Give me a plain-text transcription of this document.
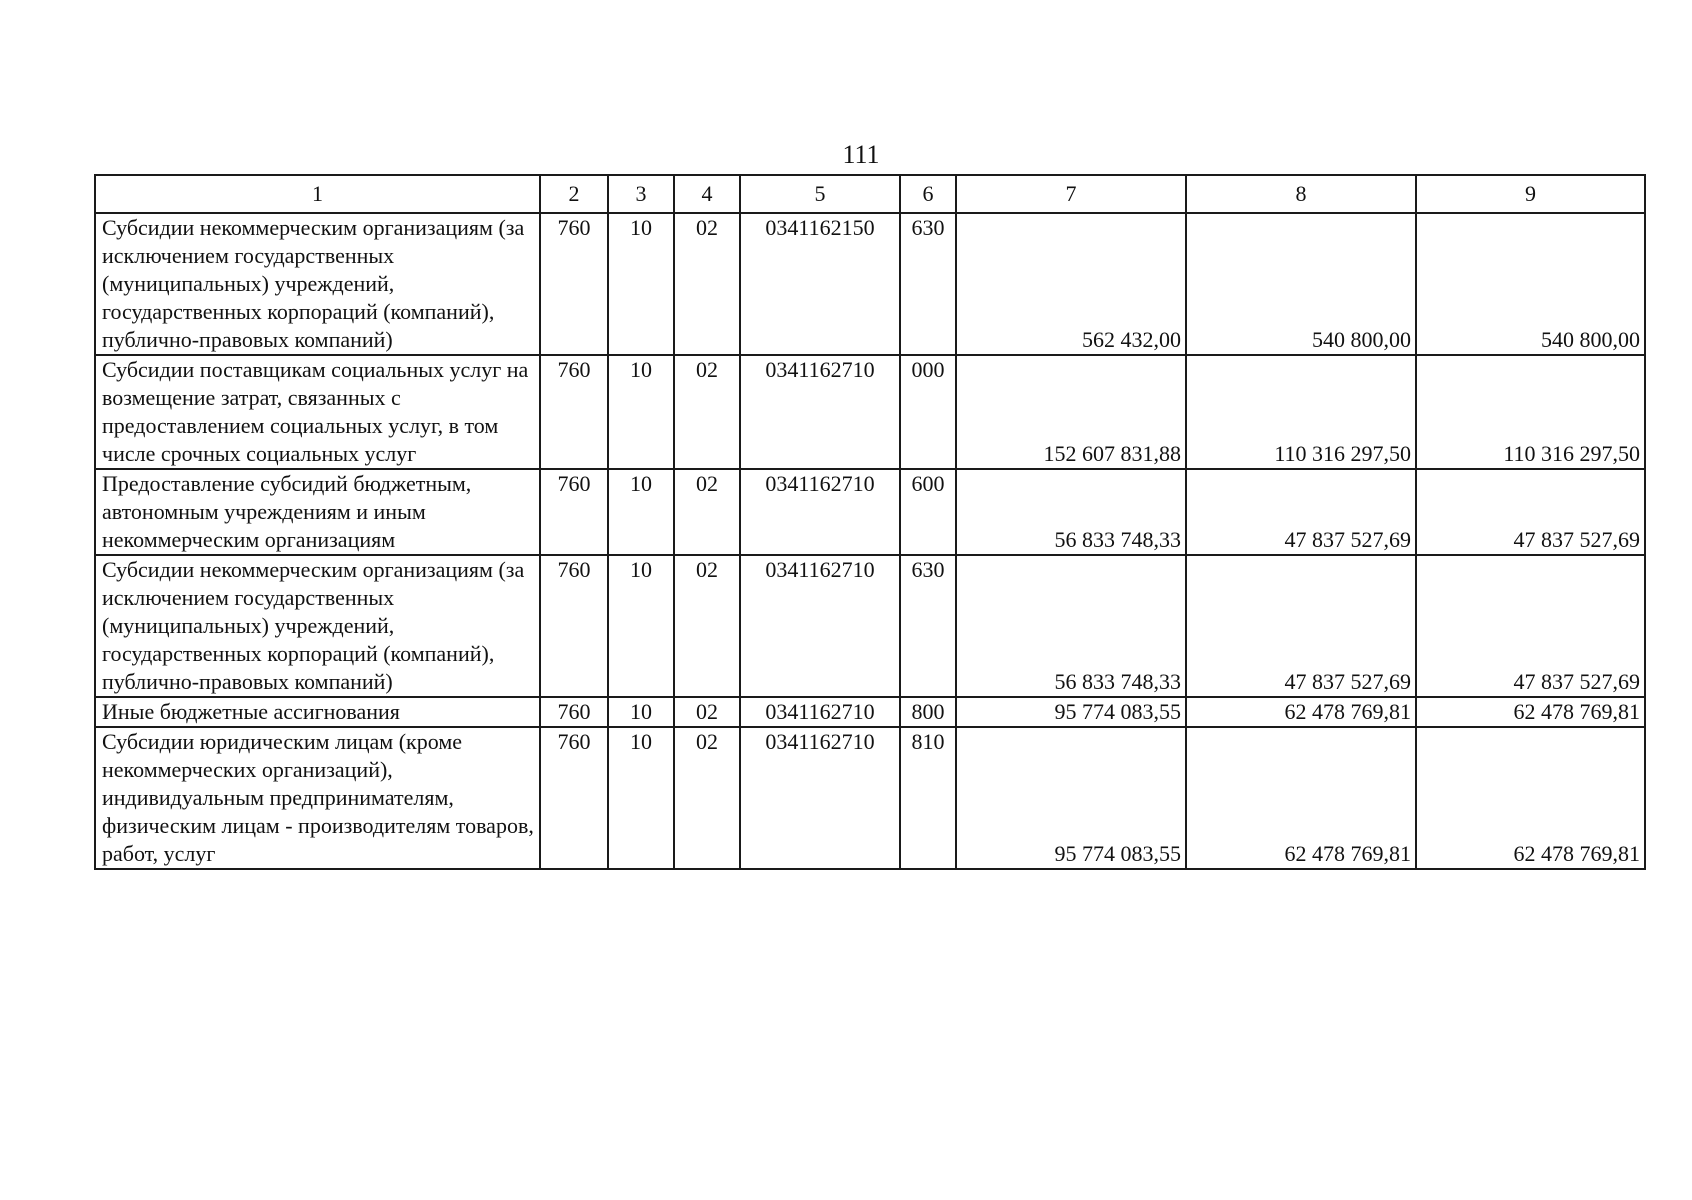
111
1	2	3	4	5	6	7	8	9
Субсидии некоммерческим организациям (за исключением государственных (муниципальных) учреждений, государственных корпораций (компаний), публично-правовых компаний)	760	10	02	0341162150	630	562 432,00	540 800,00	540 800,00
Субсидии поставщикам социальных услуг на возмещение затрат, связанных с предоставлением социальных услуг, в том числе срочных социальных услуг	760	10	02	0341162710	000	152 607 831,88	110 316 297,50	110 316 297,50
Предоставление субсидий бюджетным, автономным учреждениям и иным некоммерческим организациям	760	10	02	0341162710	600	56 833 748,33	47 837 527,69	47 837 527,69
Субсидии некоммерческим организациям (за исключением государственных (муниципальных) учреждений, государственных корпораций (компаний), публично-правовых компаний)	760	10	02	0341162710	630	56 833 748,33	47 837 527,69	47 837 527,69
Иные бюджетные ассигнования	760	10	02	0341162710	800	95 774 083,55	62 478 769,81	62 478 769,81
Субсидии юридическим лицам (кроме некоммерческих организаций), индивидуальным предпринимателям, физическим лицам - производителям товаров, работ, услуг	760	10	02	0341162710	810	95 774 083,55	62 478 769,81	62 478 769,81
